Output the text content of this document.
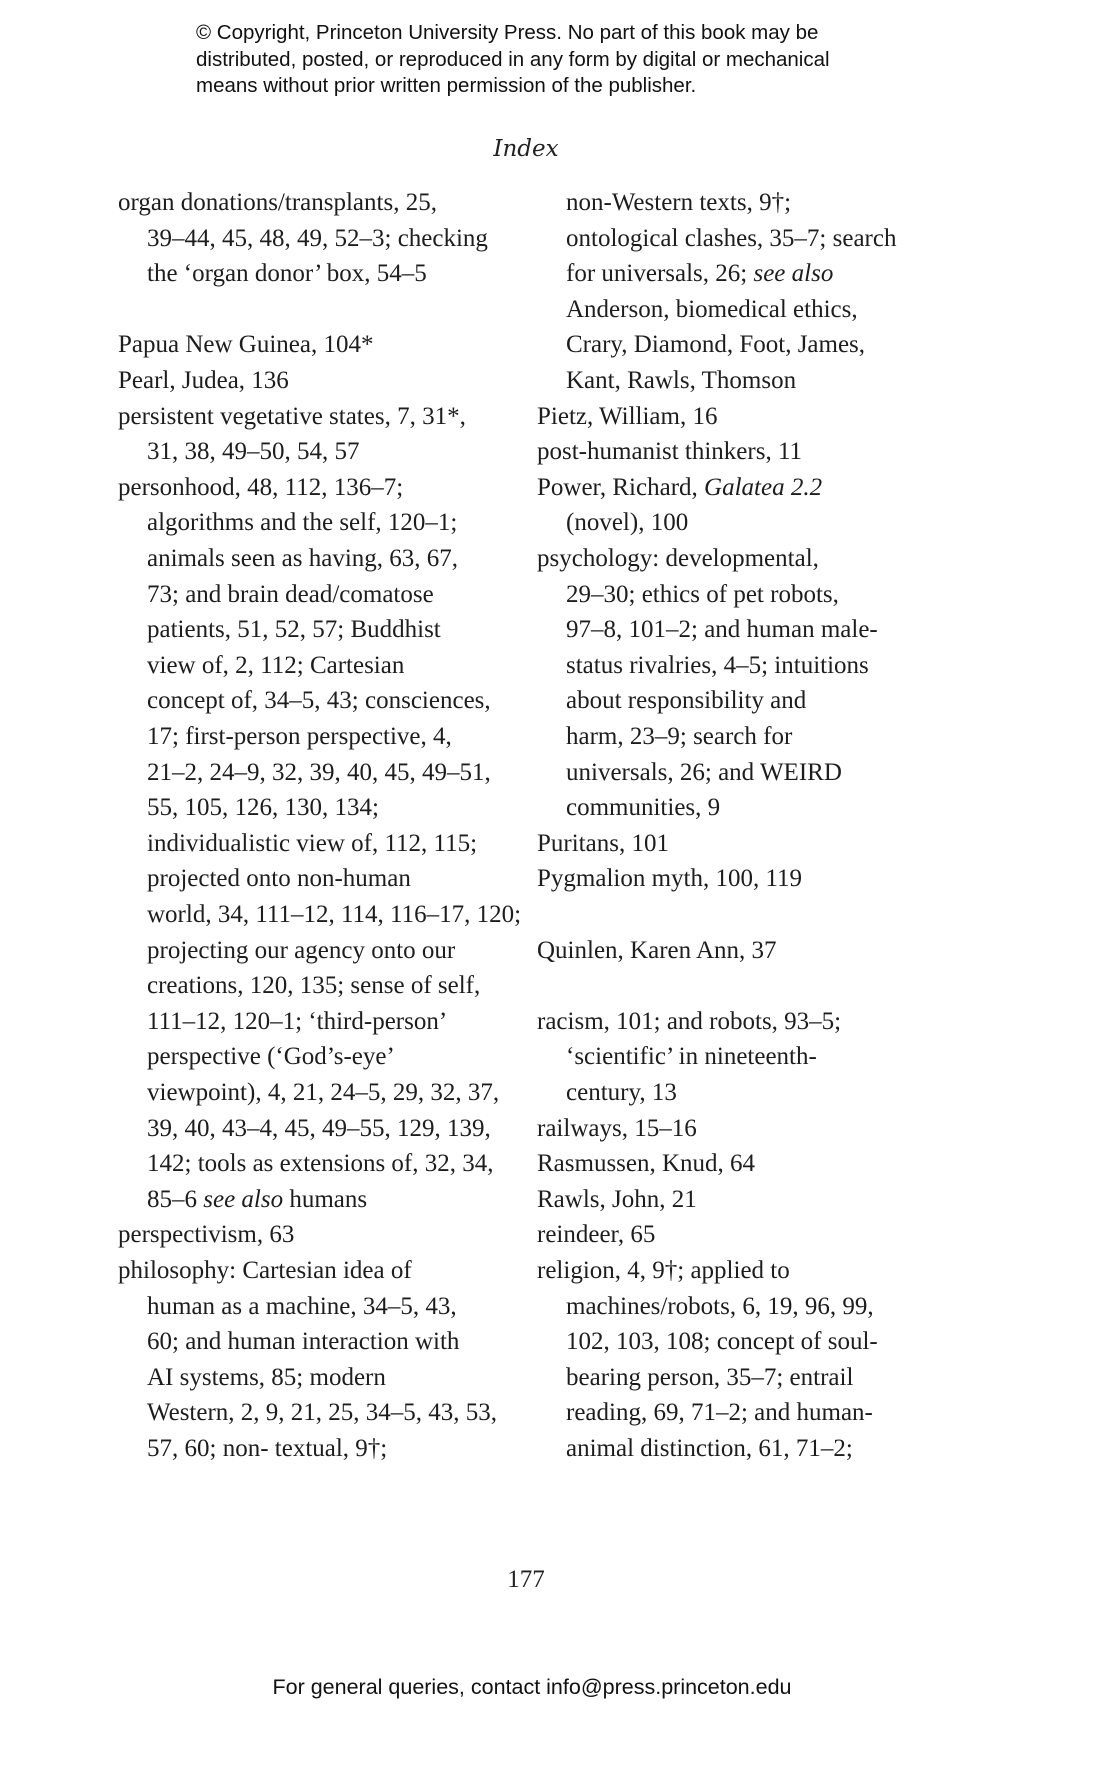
© Copyright, Princeton University Press. No part of this book may be
distributed, posted, or reproduced in any form by digital or mechanical
means without prior written permission of the publisher.
Index
organ donations/transplants, 25,
39–44, 45, 48, 49, 52–3; checking
the ‘organ donor’ box, 54–5
Papua New Guinea, 104*
Pearl, Judea, 136
persistent vegetative states, 7, 31*,
31, 38, 49–50, 54, 57
personhood, 48, 112, 136–7;
algorithms and the self, 120–1;
animals seen as having, 63, 67,
73; and brain dead/comatose
patients, 51, 52, 57; Buddhist
view of, 2, 112; Cartesian
concept of, 34–5, 43; consciences,
17; first-person perspective, 4,
21–2, 24–9, 32, 39, 40, 45, 49–51,
55, 105, 126, 130, 134;
individualistic view of, 112, 115;
projected onto non-human
world, 34, 111–12, 114, 116–17, 120;
projecting our agency onto our
creations, 120, 135; sense of self,
111–12, 120–1; ‘third-person’
perspective (‘God’s-eye’
viewpoint), 4, 21, 24–5, 29, 32, 37,
39, 40, 43–4, 45, 49–55, 129, 139,
142; tools as extensions of, 32, 34,
85–6 see also humans
perspectivism, 63
philosophy: Cartesian idea of
human as a machine, 34–5, 43,
60; and human interaction with
AI systems, 85; modern
Western, 2, 9, 21, 25, 34–5, 43, 53,
57, 60; non- textual, 9†;
non-Western texts, 9†;
ontological clashes, 35–7; search
for universals, 26; see also
Anderson, biomedical ethics,
Crary, Diamond, Foot, James,
Kant, Rawls, Thomson
Pietz, William, 16
post-humanist thinkers, 11
Power, Richard, Galatea 2.2
(novel), 100
psychology: developmental,
29–30; ethics of pet robots,
97–8, 101–2; and human male-
status rivalries, 4–5; intuitions
about responsibility and
harm, 23–9; search for
universals, 26; and WEIRD
communities, 9
Puritans, 101
Pygmalion myth, 100, 119
Quinlen, Karen Ann, 37
racism, 101; and robots, 93–5;
‘scientific’ in nineteenth-
century, 13
railways, 15–16
Rasmussen, Knud, 64
Rawls, John, 21
reindeer, 65
religion, 4, 9†; applied to
machines/robots, 6, 19, 96, 99,
102, 103, 108; concept of soul-
bearing person, 35–7; entrail
reading, 69, 71–2; and human-
animal distinction, 61, 71–2;
177
For general queries, contact info@press.princeton.edu
